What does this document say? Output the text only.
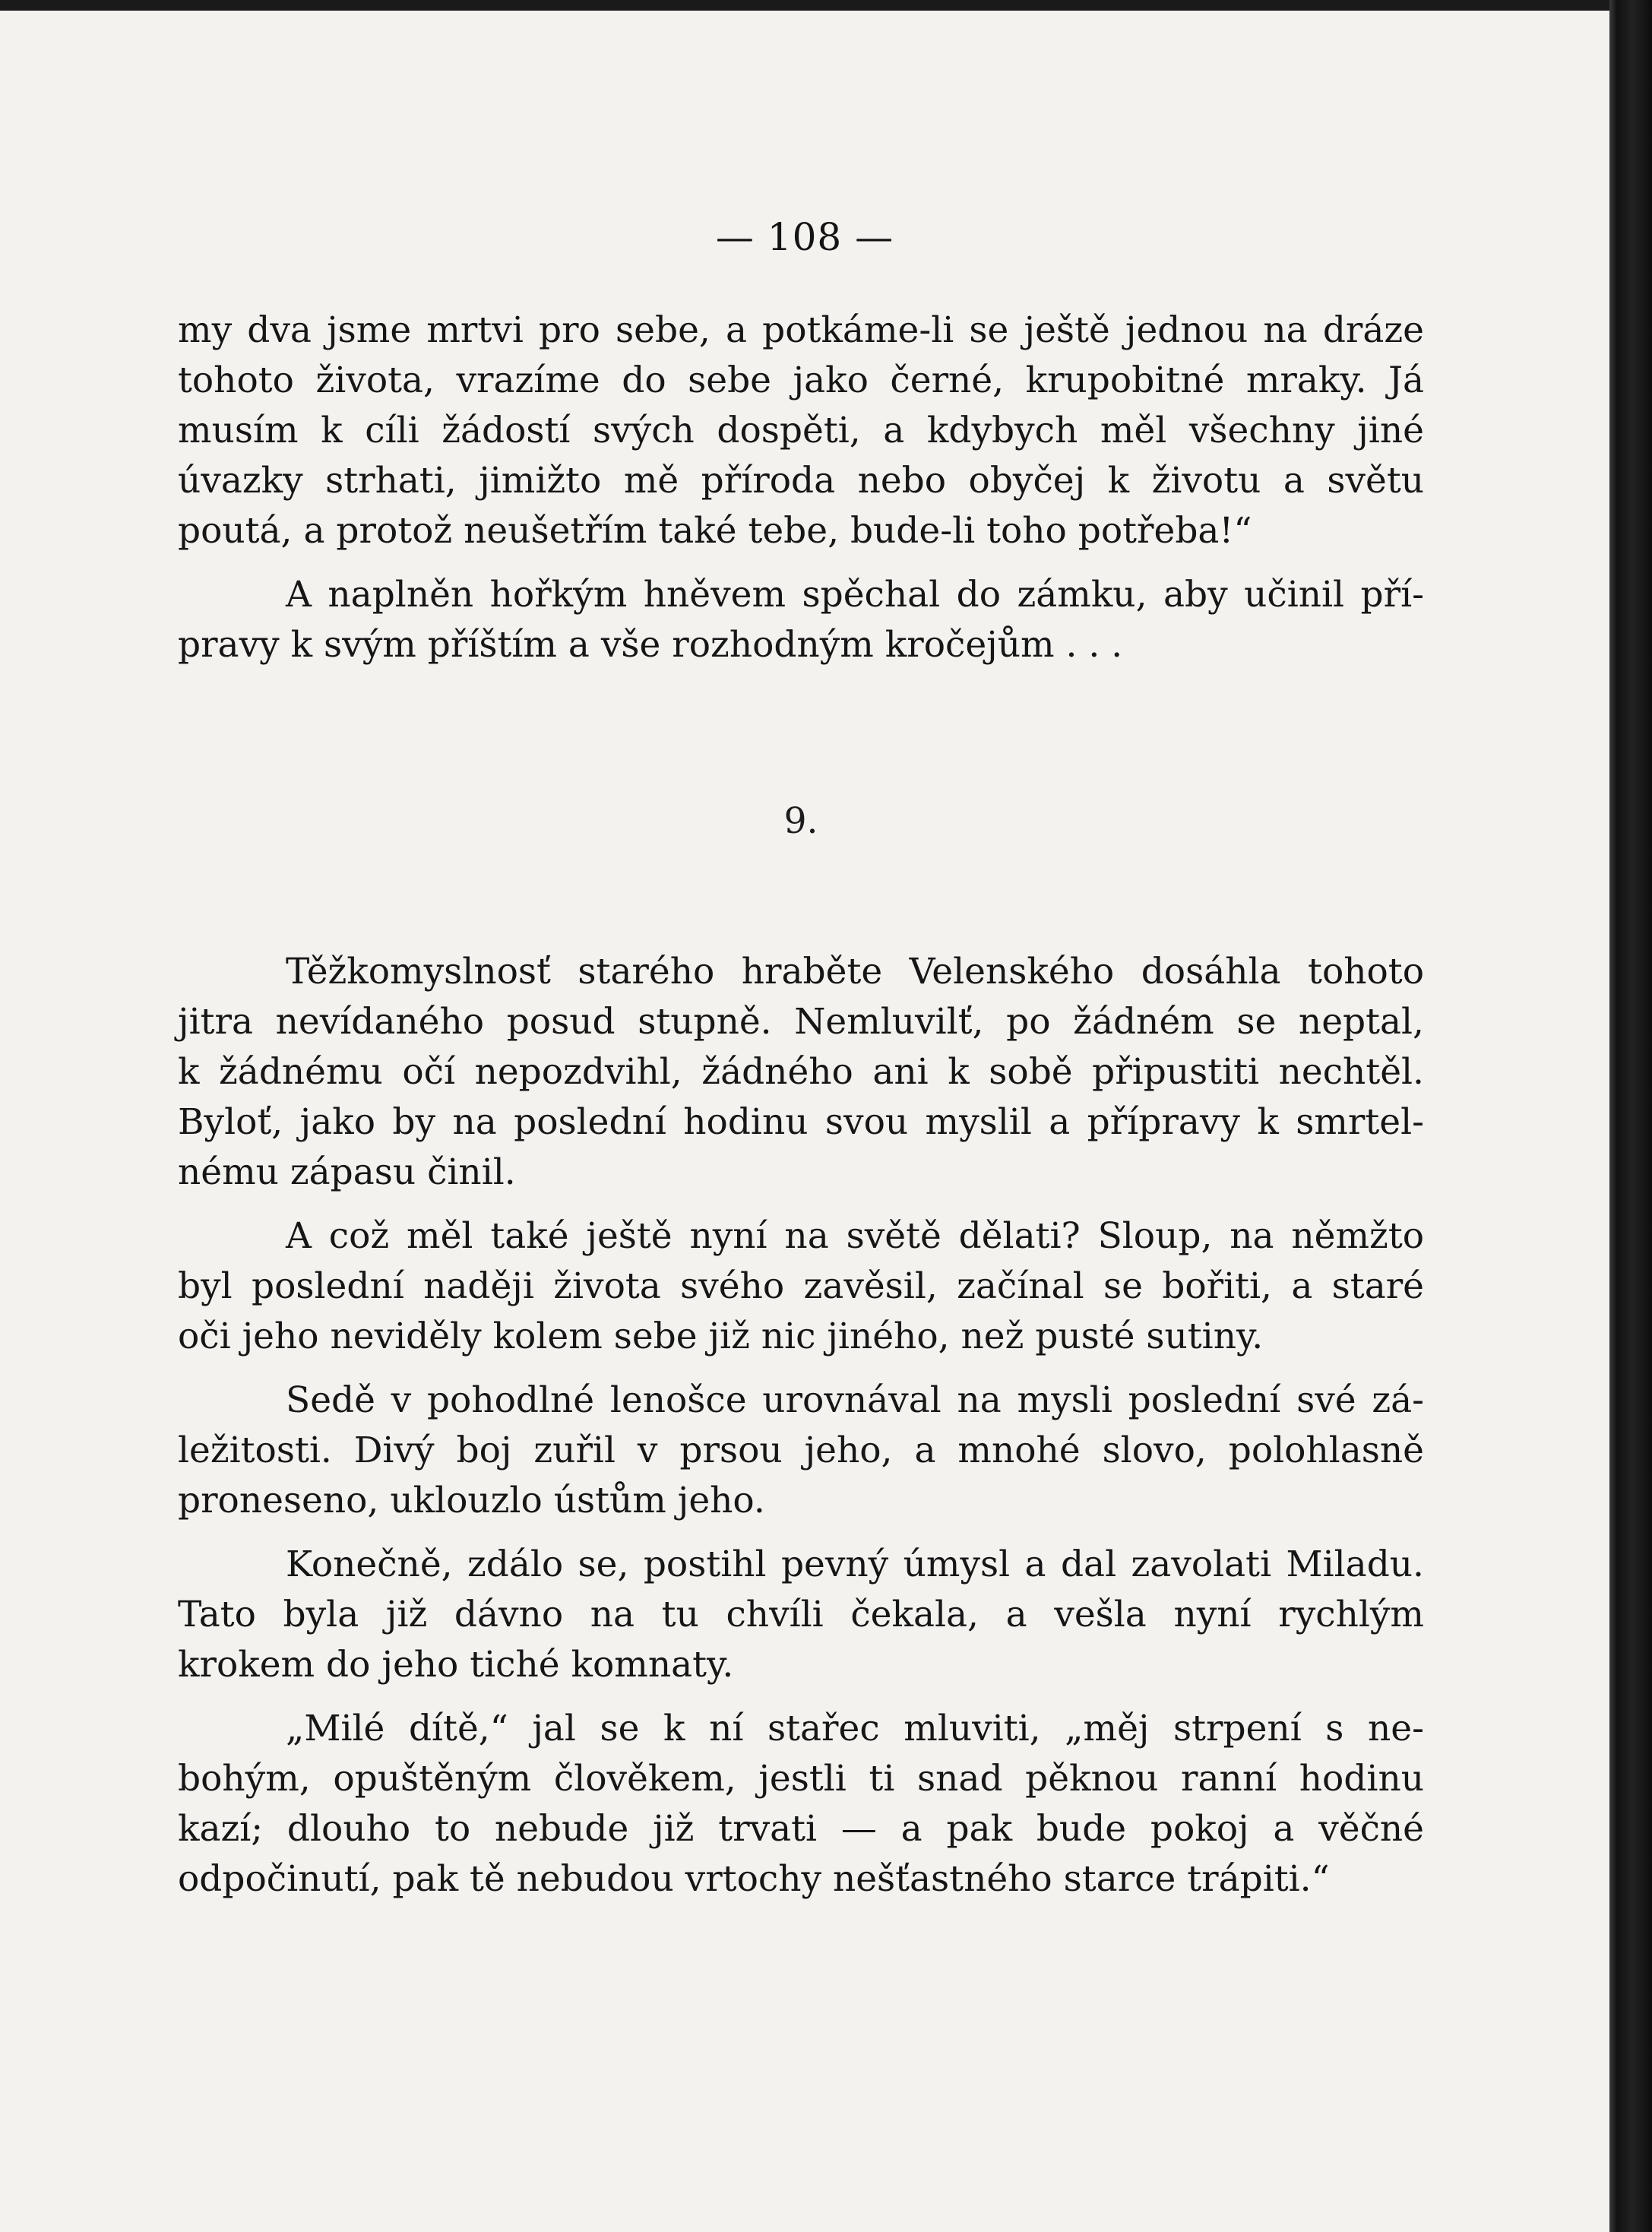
— 108 —
my dva jsme mrtvi pro sebe, a potkáme-li se ještě jednou na dráze
tohoto života, vrazíme do sebe jako černé, krupobitné mraky. Já
musím k cíli žádostí svých dospěti, a kdybych měl všechny jiné
úvazky strhati, jimižto mě příroda nebo obyčej k životu a světu
poutá, a protož neušetřím také tebe, bude-li toho potřeba!“
A naplněn hořkým hněvem spěchal do zámku, aby učinil pří-
pravy k svým příštím a vše rozhodným kročejům . . .
9.
Těžkomyslnosť starého hraběte Velenského dosáhla tohoto
jitra nevídaného posud stupně. Nemluvilť, po žádném se neptal,
k žádnému očí nepozdvihl, žádného ani k sobě připustiti nechtěl.
Byloť, jako by na poslední hodinu svou myslil a přípravy k smrtel-
nému zápasu činil.
A což měl také ještě nyní na světě dělati? Sloup, na němžto
byl poslední naději života svého zavěsil, začínal se bořiti, a staré
oči jeho neviděly kolem sebe již nic jiného, než pusté sutiny.
Sedě v pohodlné lenošce urovnával na mysli poslední své zá-
ležitosti. Divý boj zuřil v prsou jeho, a mnohé slovo, polohlasně
proneseno, uklouzlo ústům jeho.
Konečně, zdálo se, postihl pevný úmysl a dal zavolati Miladu.
Tato byla již dávno na tu chvíli čekala, a vešla nyní rychlým
krokem do jeho tiché komnaty.
„Milé dítě,“ jal se k ní stařec mluviti, „měj strpení s ne-
bohým, opuštěným člověkem, jestli ti snad pěknou ranní hodinu
kazí; dlouho to nebude již trvati — a pak bude pokoj a věčné
odpočinutí, pak tě nebudou vrtochy nešťastného starce trápiti.“
